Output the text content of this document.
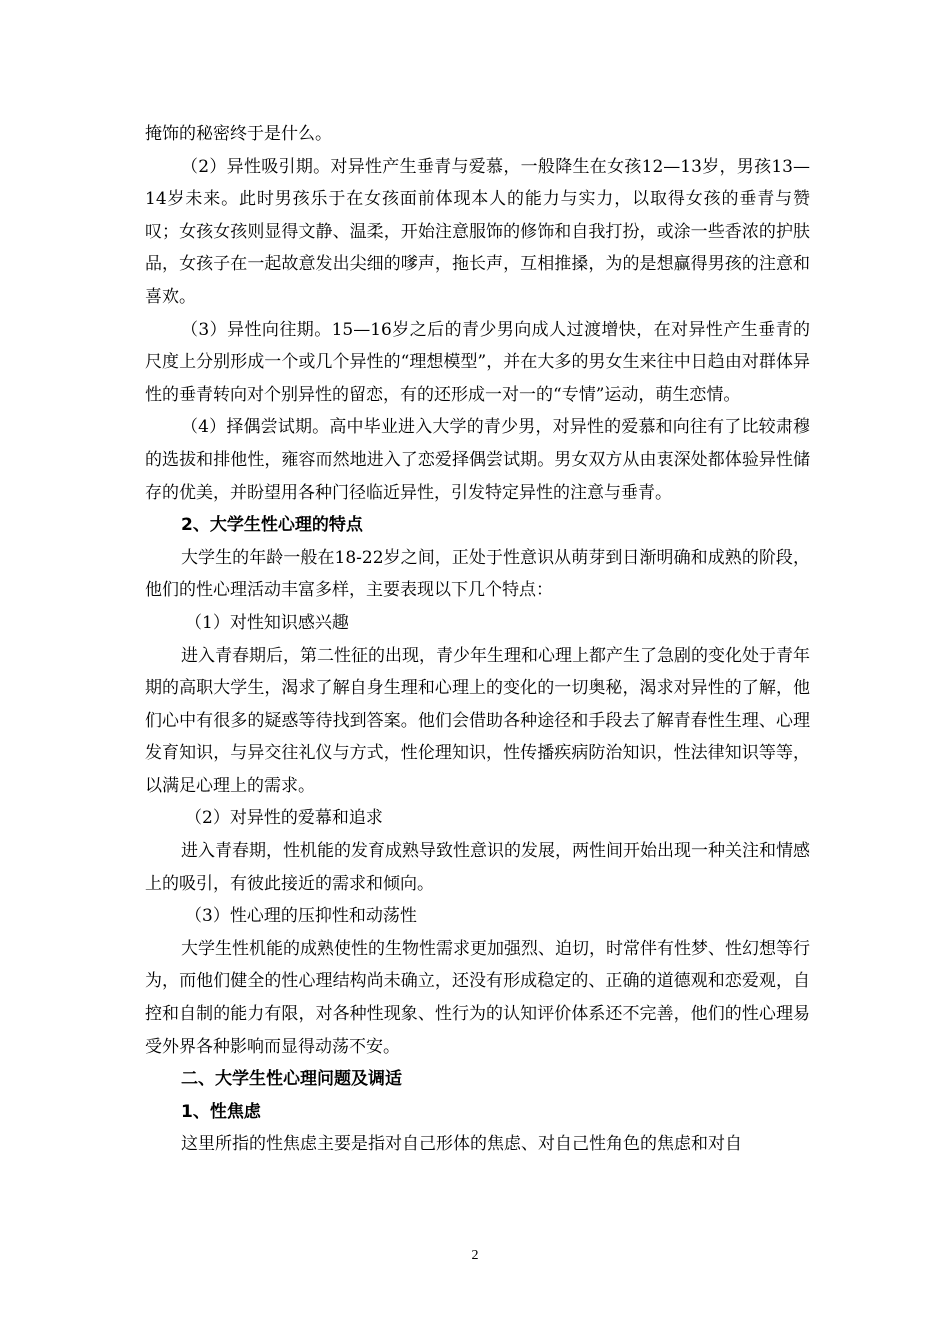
掩饰的秘密终于是什么。

（2）异性吸引期。对异性产生垂青与爱慕，一般降生在女孩12—13岁，男孩13—14岁未来。此时男孩乐于在女孩面前体现本人的能力与实力，以取得女孩的垂青与赞叹；女孩女孩则显得文静、温柔，开始注意服饰的修饰和自我打扮，或涂一些香浓的护肤品，女孩子在一起故意发出尖细的嗲声，拖长声，互相推搡，为的是想赢得男孩的注意和喜欢。

（3）异性向往期。15—16岁之后的青少男向成人过渡增快，在对异性产生垂青的尺度上分别形成一个或几个异性的“理想模型”，并在大多的男女生来往中日趋由对群体异性的垂青转向对个别异性的留恋，有的还形成一对一的“专情”运动，萌生恋情。

（4）择偶尝试期。高中毕业进入大学的青少男，对异性的爱慕和向往有了比较肃穆的选拔和排他性，雍容而然地进入了恋爱择偶尝试期。男女双方从由衷深处都体验异性储存的优美，并盼望用各种门径临近异性，引发特定异性的注意与垂青。

2、大学生性心理的特点

大学生的年龄一般在18-22岁之间，正处于性意识从萌芽到日渐明确和成熟的阶段，他们的性心理活动丰富多样，主要表现以下几个特点：

（1）对性知识感兴趣

进入青春期后，第二性征的出现，青少年生理和心理上都产生了急剧的变化处于青年期的高职大学生，渴求了解自身生理和心理上的变化的一切奥秘，渴求对异性的了解，他们心中有很多的疑惑等待找到答案。他们会借助各种途径和手段去了解青春性生理、心理发育知识，与异交往礼仪与方式，性伦理知识，性传播疾病防治知识，性法律知识等等，以满足心理上的需求。

（2）对异性的爱幕和追求

进入青春期，性机能的发育成熟导致性意识的发展，两性间开始出现一种关注和情感上的吸引，有彼此接近的需求和倾向。

（3）性心理的压抑性和动荡性

大学生性机能的成熟使性的生物性需求更加强烈、迫切，时常伴有性梦、性幻想等行为，而他们健全的性心理结构尚未确立，还没有形成稳定的、正确的道德观和恋爱观，自控和自制的能力有限，对各种性现象、性行为的认知评价体系还不完善，他们的性心理易受外界各种影响而显得动荡不安。

二、大学生性心理问题及调适

1、性焦虑

这里所指的性焦虑主要是指对自己形体的焦虑、对自己性角色的焦虑和对自

2
